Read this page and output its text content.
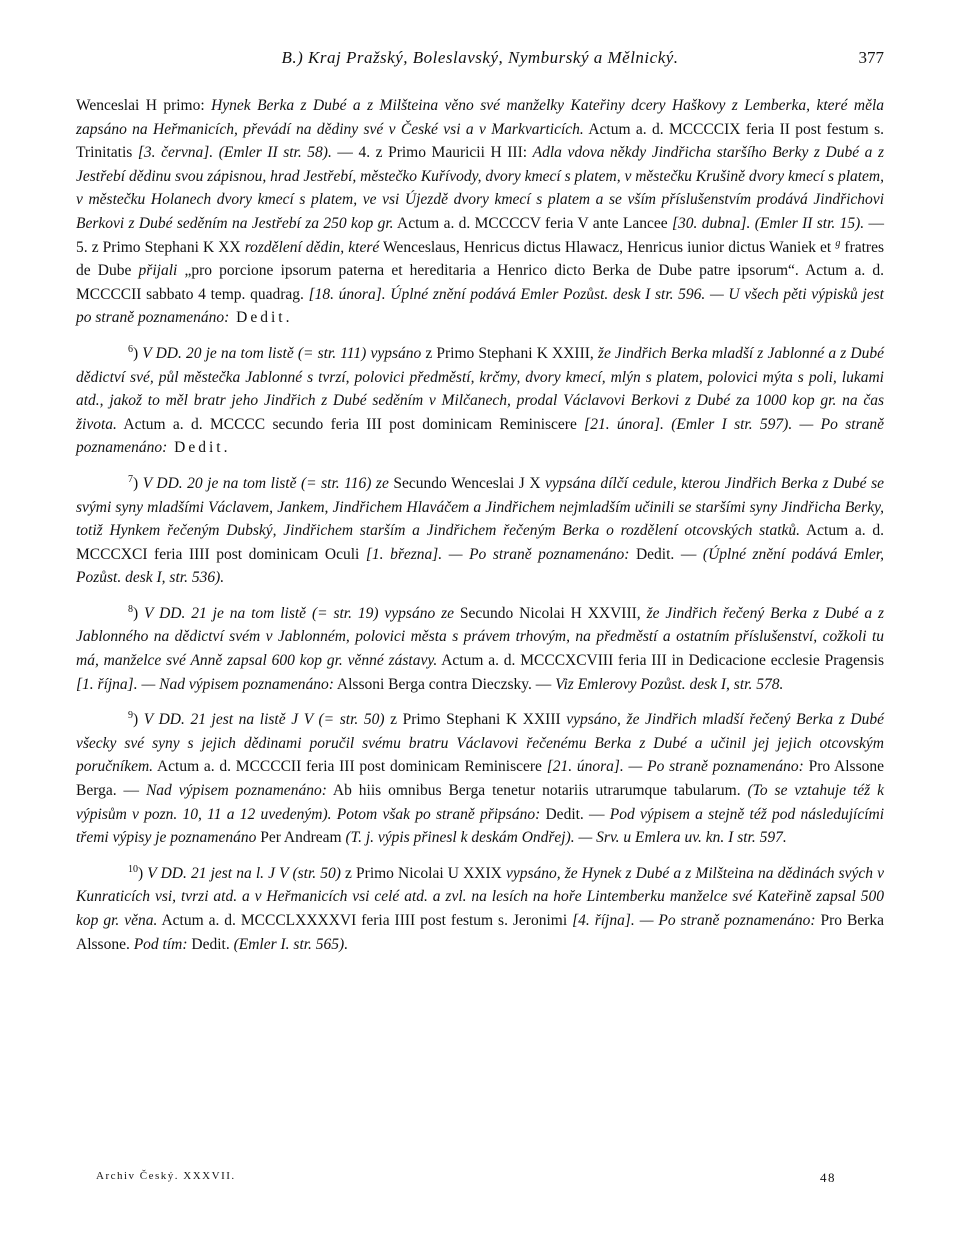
B.) Kraj Pražský, Boleslavský, Nymburský a Mělnický.	377

Wenceslai H primo: Hynek Berka z Dubé a z Milšteina věno své manželky Kateřiny dcery Haškovy z Lemberka, které měla zapsáno na Heřmanicích, převádí na dědiny své v České vsi a v Markvarticích. Actum a. d. MCCCCIX feria II post festum s. Trinitatis [3. června]. (Emler II str. 58). — 4. z Primo Mauricii H III: Adla vdova někdy Jindřicha staršího Berky z Dubé a z Jestřebí dědinu svou zápisnou, hrad Jestřebí, městečko Kuřívody, dvory kmecí s platem, v městečku Krušině dvory kmecí s platem, v městečku Holanech dvory kmecí s platem, ve vsi Újezdě dvory kmecí s platem a se vším příslušenstvím prodává Jindřichovi Berkovi z Dubé seděním na Jestřebí za 250 kop gr. Actum a. d. MCCCCV feria V ante Lancee [30. dubna]. (Emler II str. 15). — 5. z Primo Stephani K XX rozdělení dědin, které Wenceslaus, Henricus dictus Hlawacz, Henricus iunior dictus Waniek et $^g$ fratres de Dube přijali „pro porcione ipsorum paterna et hereditaria a Henrico dicto Berka de Dube patre ipsorum“. Actum a. d. MCCCCII sabbato 4 temp. quadrag. [18. února]. Úplné znění podává Emler Pozůst. desk I str. 596. — U všech pěti výpisků jest po straně poznamenáno: Dedit.

$^6$) V DD. 20 je na tom listě (= str. 111) vypsáno z Primo Stephani K XXIII, že Jindřich Berka mladší z Jablonné a z Dubé dědictví své, půl městečka Jablonné s tvrzí, polovici předměstí, krčmy, dvory kmecí, mlýn s platem, polovici mýta s poli, lukami atd., jakož to měl bratr jeho Jindřich z Dubé seděním v Milčanech, prodal Václavovi Berkovi z Dubé za 1000 kop gr. na čas života. Actum a. d. MCCCC secundo feria III post dominicam Reminiscere [21. února]. (Emler I str. 597). — Po straně poznamenáno: Dedit.

$^7$) V DD. 20 je na tom listě (= str. 116) ze Secundo Wenceslai J X vypsána dílčí cedule, kterou Jindřich Berka z Dubé se svými syny mladšími Václavem, Jankem, Jindřichem Hlaváčem a Jindřichem nejmladším učinili se staršími syny Jindřicha Berky, totiž Hynkem řečeným Dubský, Jindřichem starším a Jindřichem řečeným Berka o rozdělení otcovských statků. Actum a. d. MCCCXCI feria IIII post dominicam Oculi [1. března]. — Po straně poznamenáno: Dedit. — (Úplné znění podává Emler, Pozůst. desk I, str. 536).

$^8$) V DD. 21 je na tom listě (= str. 19) vypsáno ze Secundo Nicolai H XXVIII, že Jindřich řečený Berka z Dubé a z Jablonného na dědictví svém v Jablonném, polovici města s právem trhovým, na předměstí a ostatním příslušenství, cožkoli tu má, manželce své Anně zapsal 600 kop gr. věnné zástavy. Actum a. d. MCCCXCVIII feria III in Dedicacione ecclesie Pragensis [1. října]. — Nad výpisem poznamenáno: Alssoni Berga contra Dieczsky. — Viz Emlerovy Pozůst. desk I, str. 578.

$^9$) V DD. 21 jest na listě J V (= str. 50) z Primo Stephani K XXIII vypsáno, že Jindřich mladší řečený Berka z Dubé všecky své syny s jejich dědinami poručil svému bratru Václavovi řečenému Berka z Dubé a učinil jej jejich otcovským poručníkem. Actum a. d. MCCCCII feria III post dominicam Reminiscere [21. února]. — Po straně poznamenáno: Pro Alssone Berga. — Nad výpisem poznamenáno: Ab hiis omnibus Berga tenetur notariis utrarumque tabularum. (To se vztahuje též k výpisům v pozn. 10, 11 a 12 uvedeným). Potom však po straně připsáno: Dedit. — Pod výpisem a stejně též pod následujícími třemi výpisy je poznamenáno Per Andream (T. j. výpis přinesl k deskám Ondřej). — Srv. u Emlera uv. kn. I str. 597.

$^{10}$) V DD. 21 jest na l. J V (str. 50) z Primo Nicolai U XXIX vypsáno, že Hynek z Dubé a z Milšteina na dědinách svých v Kunraticích vsi, tvrzi atd. a v Heřmanicích vsi celé atd. a zvl. na lesích na hoře Lintemberku manželce své Kateřině zapsal 500 kop gr. věna. Actum a. d. MCCCLXXXXVI feria IIII post festum s. Jeronimi [4. října]. — Po straně poznamenáno: Pro Berka Alssone. Pod tím: Dedit. (Emler I. str. 565).

Archiv Český. XXXVII.	48
